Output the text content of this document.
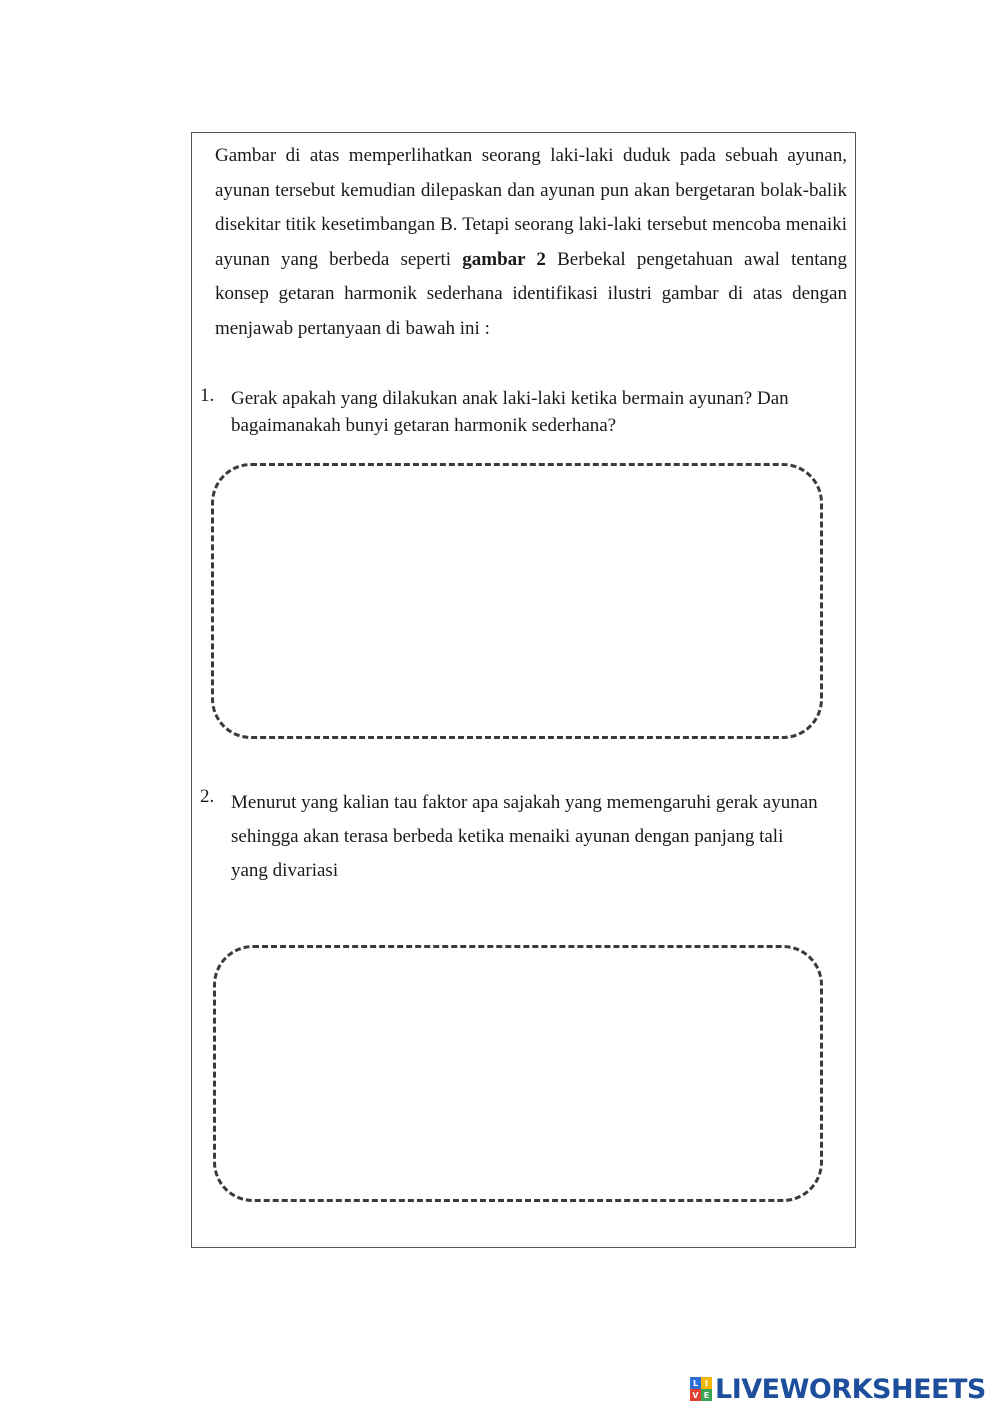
Gambar di atas memperlihatkan seorang laki-laki duduk pada sebuah ayunan, ayunan tersebut kemudian dilepaskan dan ayunan pun akan bergetaran bolak-balik disekitar titik kesetimbangan B. Tetapi seorang laki-laki tersebut mencoba menaiki ayunan yang berbeda seperti gambar 2 Berbekal pengetahuan awal tentang konsep getaran harmonik sederhana identifikasi ilustri gambar di atas dengan menjawab pertanyaan di bawah ini :

1. Gerak apakah yang dilakukan anak laki-laki ketika bermain ayunan? Dan bagaimanakah bunyi getaran harmonik sederhana?
2. Menurut yang kalian tau faktor apa sajakah yang memengaruhi gerak ayunan sehingga akan terasa berbeda ketika menaiki ayunan dengan panjang tali yang divariasi
L I
V E LIVEWORKSHEETS
